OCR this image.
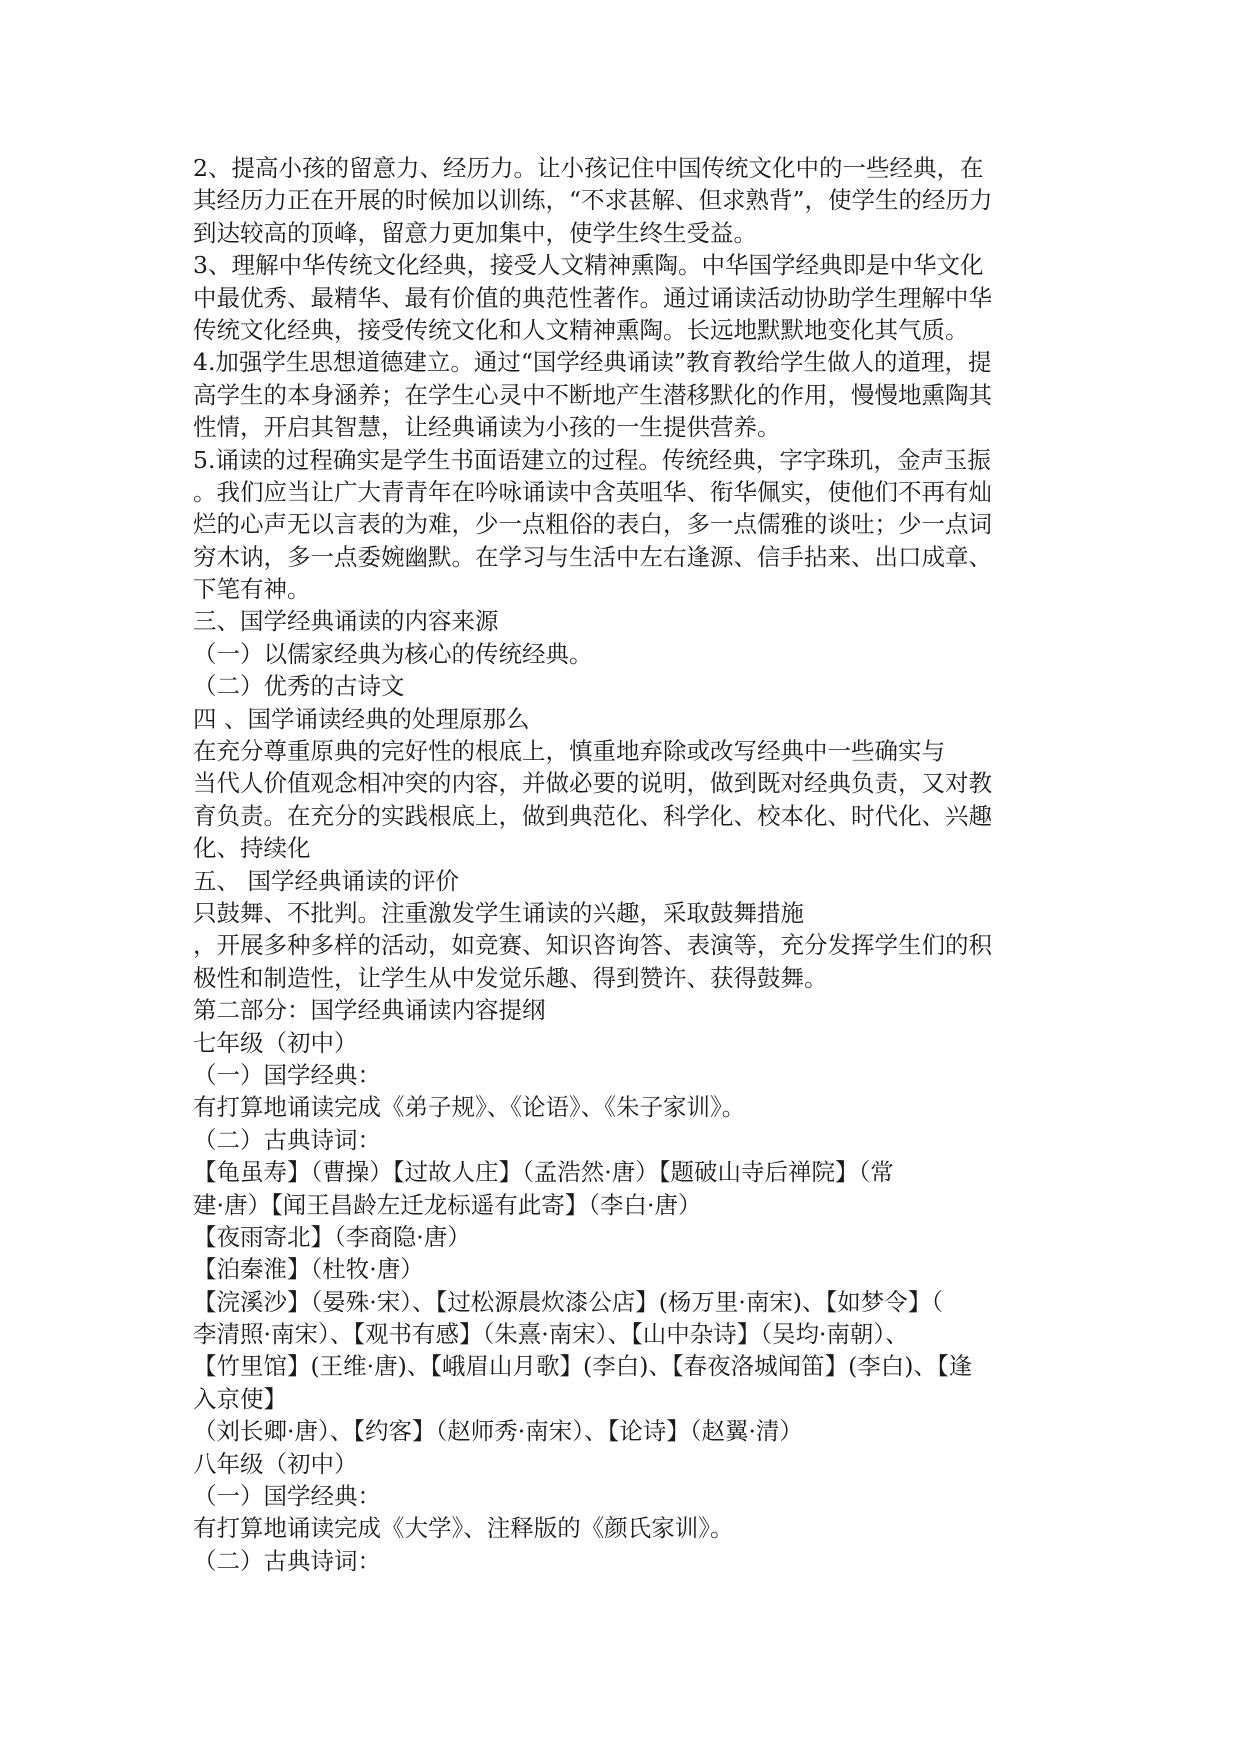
2、提高小孩的留意力、经历力。让小孩记住中国传统文化中的一些经典，在
其经历力正在开展的时候加以训练，“不求甚解、但求熟背”，使学生的经历力
到达较高的顶峰，留意力更加集中，使学生终生受益。
3、理解中华传统文化经典，接受人文精神熏陶。中华国学经典即是中华文化
中最优秀、最精华、最有价值的典范性著作。通过诵读活动协助学生理解中华
传统文化经典，接受传统文化和人文精神熏陶。长远地默默地变化其气质。
4.加强学生思想道德建立。通过“国学经典诵读”教育教给学生做人的道理，提
高学生的本身涵养；在学生心灵中不断地产生潜移默化的作用，慢慢地熏陶其
性情，开启其智慧，让经典诵读为小孩的一生提供营养。
5.诵读的过程确实是学生书面语建立的过程。传统经典，字字珠玑，金声玉振
。我们应当让广大青青年在吟咏诵读中含英咀华、衔华佩实，使他们不再有灿
烂的心声无以言表的为难，少一点粗俗的表白，多一点儒雅的谈吐；少一点词
穷木讷，多一点委婉幽默。在学习与生活中左右逢源、信手拈来、出口成章、
下笔有神。
三、国学经典诵读的内容来源
（一）以儒家经典为核心的传统经典。
（二）优秀的古诗文
四 、国学诵读经典的处理原那么
在充分尊重原典的完好性的根底上，慎重地弃除或改写经典中一些确实与
当代人价值观念相冲突的内容，并做必要的说明，做到既对经典负责，又对教
育负责。在充分的实践根底上，做到典范化、科学化、校本化、时代化、兴趣
化、持续化
五、 国学经典诵读的评价
只鼓舞、不批判。注重激发学生诵读的兴趣，采取鼓舞措施
，开展多种多样的活动，如竞赛、知识咨询答、表演等，充分发挥学生们的积
极性和制造性，让学生从中发觉乐趣、得到赞许、获得鼓舞。
第二部分：国学经典诵读内容提纲
七年级（初中）
（一）国学经典：
有打算地诵读完成《弟子规》、《论语》、《朱子家训》。
（二）古典诗词：
【龟虽寿】（曹操）【过故人庄】（孟浩然·唐）【题破山寺后禅院】（常
建·唐）【闻王昌龄左迁龙标遥有此寄】（李白·唐）
【夜雨寄北】（李商隐·唐）
【泊秦淮】（杜牧·唐）
【浣溪沙】（晏殊·宋）、【过松源晨炊漆公店】(杨万里·南宋)、【如梦令】（
李清照·南宋）、【观书有感】（朱熹·南宋）、【山中杂诗】（吴均·南朝）、
【竹里馆】(王维·唐)、【峨眉山月歌】(李白)、【春夜洛城闻笛】(李白)、【逢
入京使】
（刘长卿·唐）、【约客】（赵师秀·南宋）、【论诗】（赵翼·清）
八年级（初中）
（一）国学经典：
有打算地诵读完成《大学》、注释版的《颜氏家训》。
（二）古典诗词：
